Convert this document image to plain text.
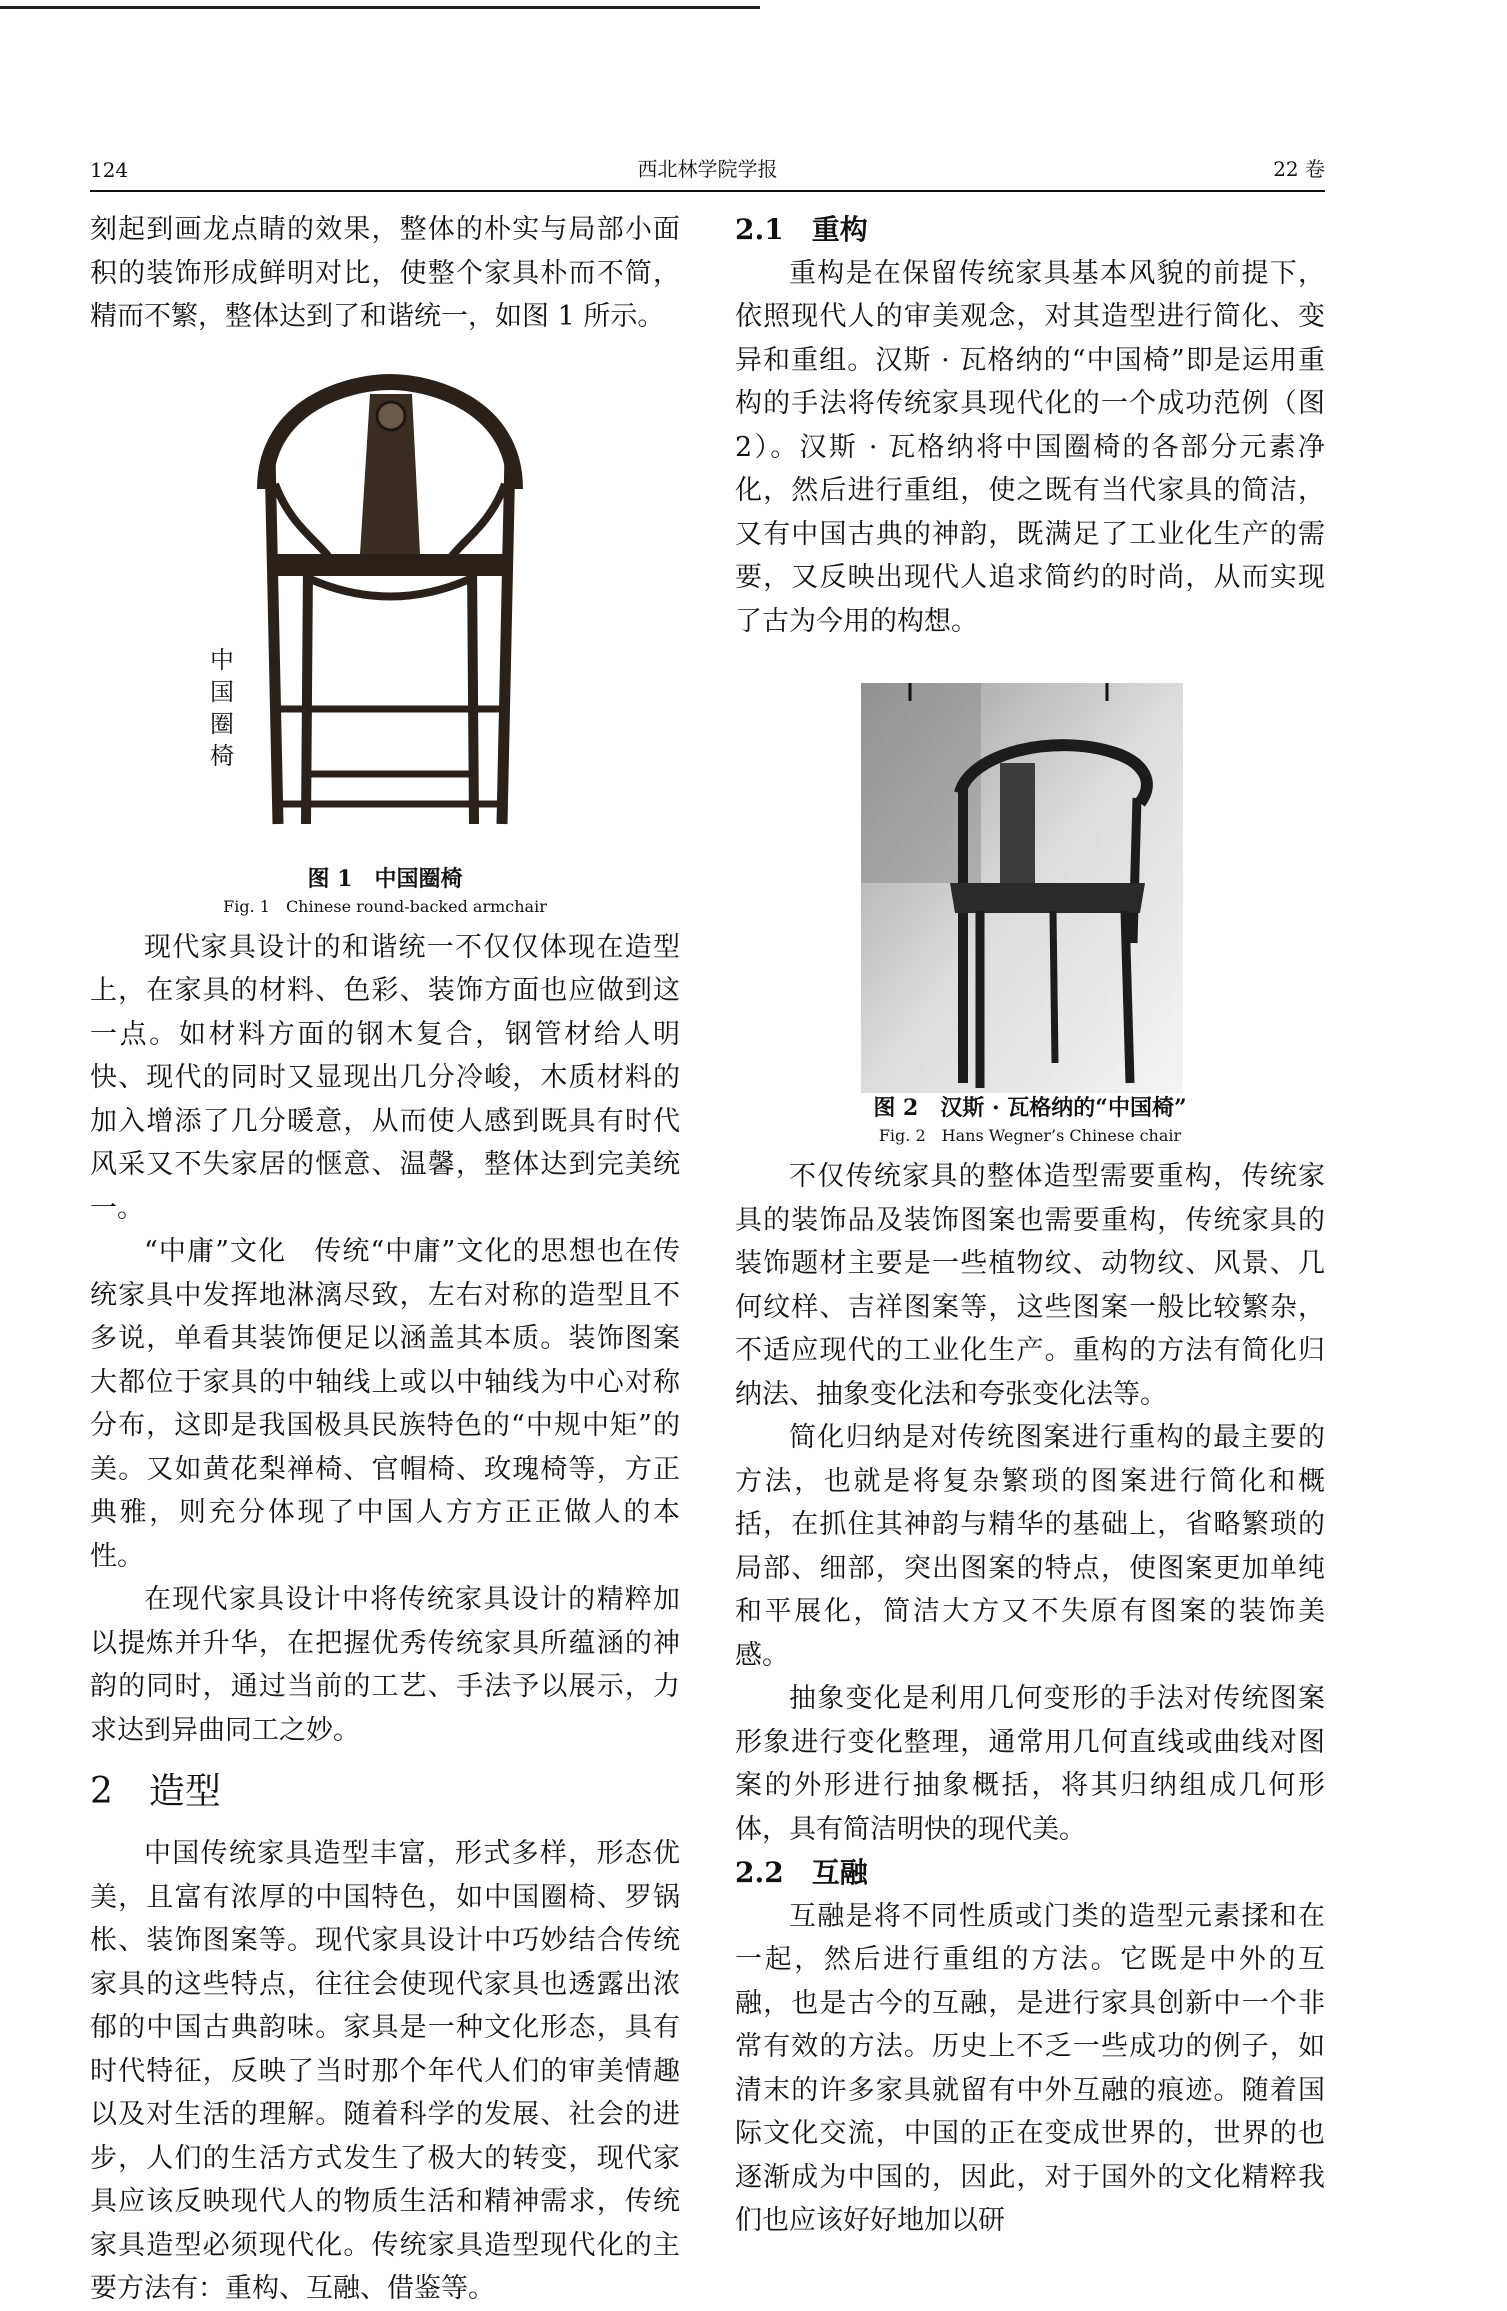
124	西北林学院学报	22 卷

刻起到画龙点睛的效果，整体的朴实与局部小面积的装饰形成鲜明对比，使整个家具朴而不简，精而不繁，整体达到了和谐统一，如图 1 所示。

中国圈椅
图 1　中国圈椅
Fig. 1　Chinese round-backed armchair

现代家具设计的和谐统一不仅仅体现在造型上，在家具的材料、色彩、装饰方面也应做到这一点。如材料方面的钢木复合，钢管材给人明快、现代的同时又显现出几分冷峻，木质材料的加入增添了几分暖意，从而使人感到既具有时代风采又不失家居的惬意、温馨，整体达到完美统一。

“中庸”文化　传统“中庸”文化的思想也在传统家具中发挥地淋漓尽致，左右对称的造型且不多说，单看其装饰便足以涵盖其本质。装饰图案大都位于家具的中轴线上或以中轴线为中心对称分布，这即是我国极具民族特色的“中规中矩”的美。又如黄花梨禅椅、官帽椅、玫瑰椅等，方正典雅，则充分体现了中国人方方正正做人的本性。

在现代家具设计中将传统家具设计的精粹加以提炼并升华，在把握优秀传统家具所蕴涵的神韵的同时，通过当前的工艺、手法予以展示，力求达到异曲同工之妙。

2　造型

中国传统家具造型丰富，形式多样，形态优美，且富有浓厚的中国特色，如中国圈椅、罗锅枨、装饰图案等。现代家具设计中巧妙结合传统家具的这些特点，往往会使现代家具也透露出浓郁的中国古典韵味。家具是一种文化形态，具有时代特征，反映了当时那个年代人们的审美情趣以及对生活的理解。随着科学的发展、社会的进步，人们的生活方式发生了极大的转变，现代家具应该反映现代人的物质生活和精神需求，传统家具造型必须现代化。传统家具造型现代化的主要方法有：重构、互融、借鉴等。

2.1　重构

重构是在保留传统家具基本风貌的前提下，依照现代人的审美观念，对其造型进行简化、变异和重组。汉斯 · 瓦格纳的“中国椅”即是运用重构的手法将传统家具现代化的一个成功范例（图 2）。汉斯 · 瓦格纳将中国圈椅的各部分元素净化，然后进行重组，使之既有当代家具的简洁，又有中国古典的神韵，既满足了工业化生产的需要，又反映出现代人追求简约的时尚，从而实现了古为今用的构想。

图 2　汉斯 · 瓦格纳的“中国椅”
Fig. 2　Hans Wegner’s Chinese chair

不仅传统家具的整体造型需要重构，传统家具的装饰品及装饰图案也需要重构，传统家具的装饰题材主要是一些植物纹、动物纹、风景、几何纹样、吉祥图案等，这些图案一般比较繁杂，不适应现代的工业化生产。重构的方法有简化归纳法、抽象变化法和夸张变化法等。

简化归纳是对传统图案进行重构的最主要的方法，也就是将复杂繁琐的图案进行简化和概括，在抓住其神韵与精华的基础上，省略繁琐的局部、细部，突出图案的特点，使图案更加单纯和平展化，简洁大方又不失原有图案的装饰美感。

抽象变化是利用几何变形的手法对传统图案形象进行变化整理，通常用几何直线或曲线对图案的外形进行抽象概括，将其归纳组成几何形体，具有简洁明快的现代美。

2.2　互融

互融是将不同性质或门类的造型元素揉和在一起，然后进行重组的方法。它既是中外的互融，也是古今的互融，是进行家具创新中一个非常有效的方法。历史上不乏一些成功的例子，如清末的许多家具就留有中外互融的痕迹。随着国际文化交流，中国的正在变成世界的，世界的也逐渐成为中国的，因此，对于国外的文化精粹我们也应该好好地加以研
